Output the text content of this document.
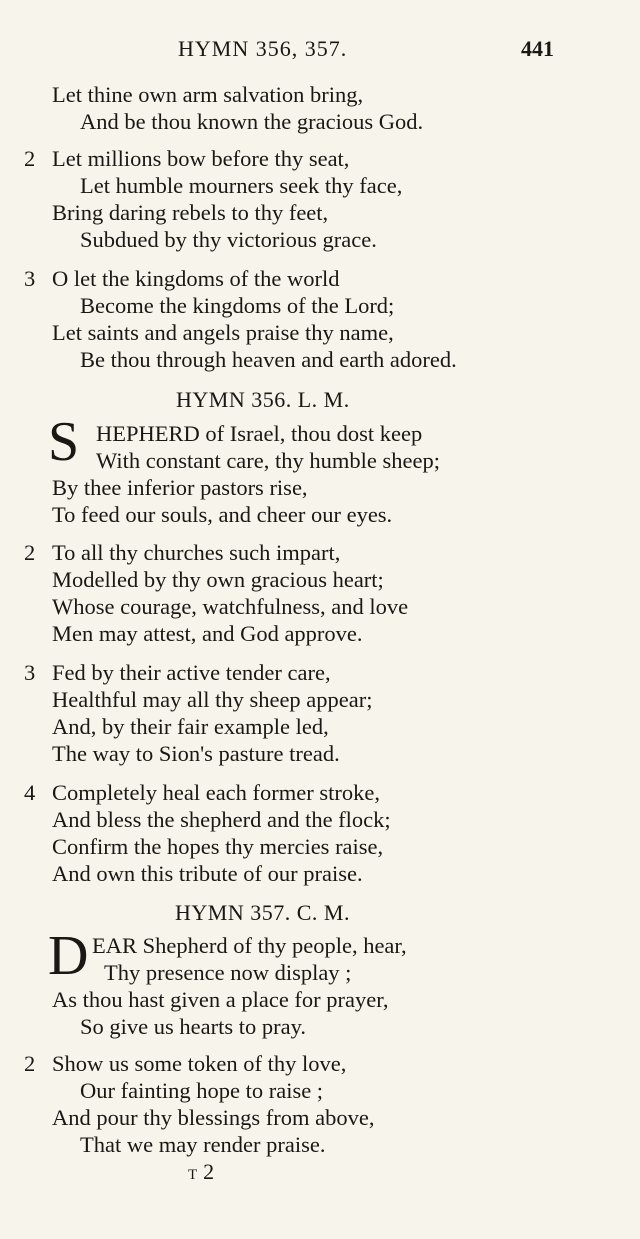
HYMN 356, 357.	441
Let thine own arm salvation bring,
And be thou known the gracious God.
2 Let millions bow before thy seat,
Let humble mourners seek thy face,
Bring daring rebels to thy feet,
Subdued by thy victorious grace.
3 O let the kingdoms of the world
Become the kingdoms of the Lord;
Let saints and angels praise thy name,
Be thou through heaven and earth adored.
HYMN 356. L. M.
S HEPHERD of Israel, thou dost keep
With constant care, thy humble sheep;
By thee inferior pastors rise,
To feed our souls, and cheer our eyes.
2 To all thy churches such impart,
Modelled by thy own gracious heart;
Whose courage, watchfulness, and love
Men may attest, and God approve.
3 Fed by their active tender care,
Healthful may all thy sheep appear;
And, by their fair example led,
The way to Sion's pasture tread.
4 Completely heal each former stroke,
And bless the shepherd and the flock;
Confirm the hopes thy mercies raise,
And own this tribute of our praise.
HYMN 357. C. M.
D EAR Shepherd of thy people, hear,
Thy presence now display ;
As thou hast given a place for prayer,
So give us hearts to pray.
2 Show us some token of thy love,
Our fainting hope to raise ;
And pour thy blessings from above,
That we may render praise.
T 2
